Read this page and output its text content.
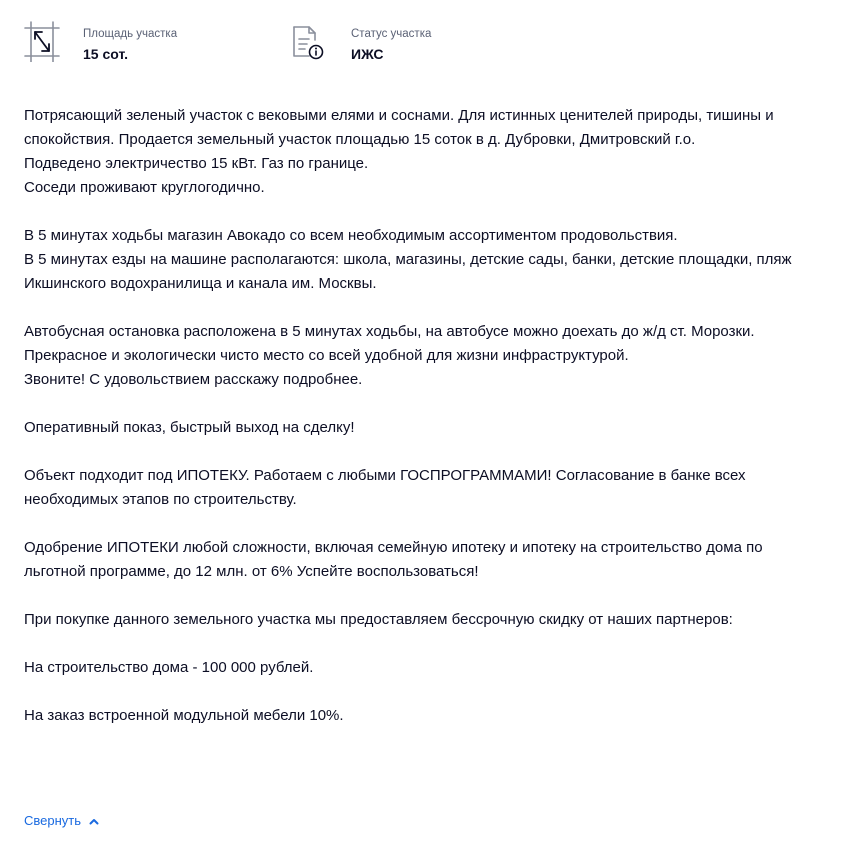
Площадь участка
15 сот.
Статус участка
ИЖС

Потрясающий зеленый участок с вековыми елями и соснами. Для истинных ценителей природы, тишины и спокойствия. Продается земельный участок площадью 15 соток в д. Дубровки, Дмитровский г.о.
Подведено электричество 15 кВт. Газ по границе.
Соседи проживают круглогодично.

В 5 минутах ходьбы магазин Авокадо со всем необходимым ассортиментом продовольствия.
В 5 минутах езды на машине располагаются: школа, магазины, детские сады, банки, детские площадки, пляж Икшинского водохранилища и канала им. Москвы.

Автобусная остановка расположена в 5 минутах ходьбы, на автобусе можно доехать до ж/д ст. Морозки.
Прекрасное и экологически чисто место со всей удобной для жизни инфраструктурой.
Звоните! С удовольствием расскажу подробнее.

Оперативный показ, быстрый выход на сделку!

Объект подходит под ИПОТЕКУ. Работаем с любыми ГОСПРОГРАММАМИ! Согласование в банке всех необходимых этапов по строительству.

Одобрение ИПОТЕКИ любой сложности, включая семейную ипотеку и ипотеку на строительство дома по льготной программе, до 12 млн. от 6% Успейте воспользоваться!

При покупке данного земельного участка мы предоставляем бессрочную скидку от наших партнеров:

На строительство дома - 100 000 рублей.

На заказ встроенной модульной мебели 10%.

Свернуть
